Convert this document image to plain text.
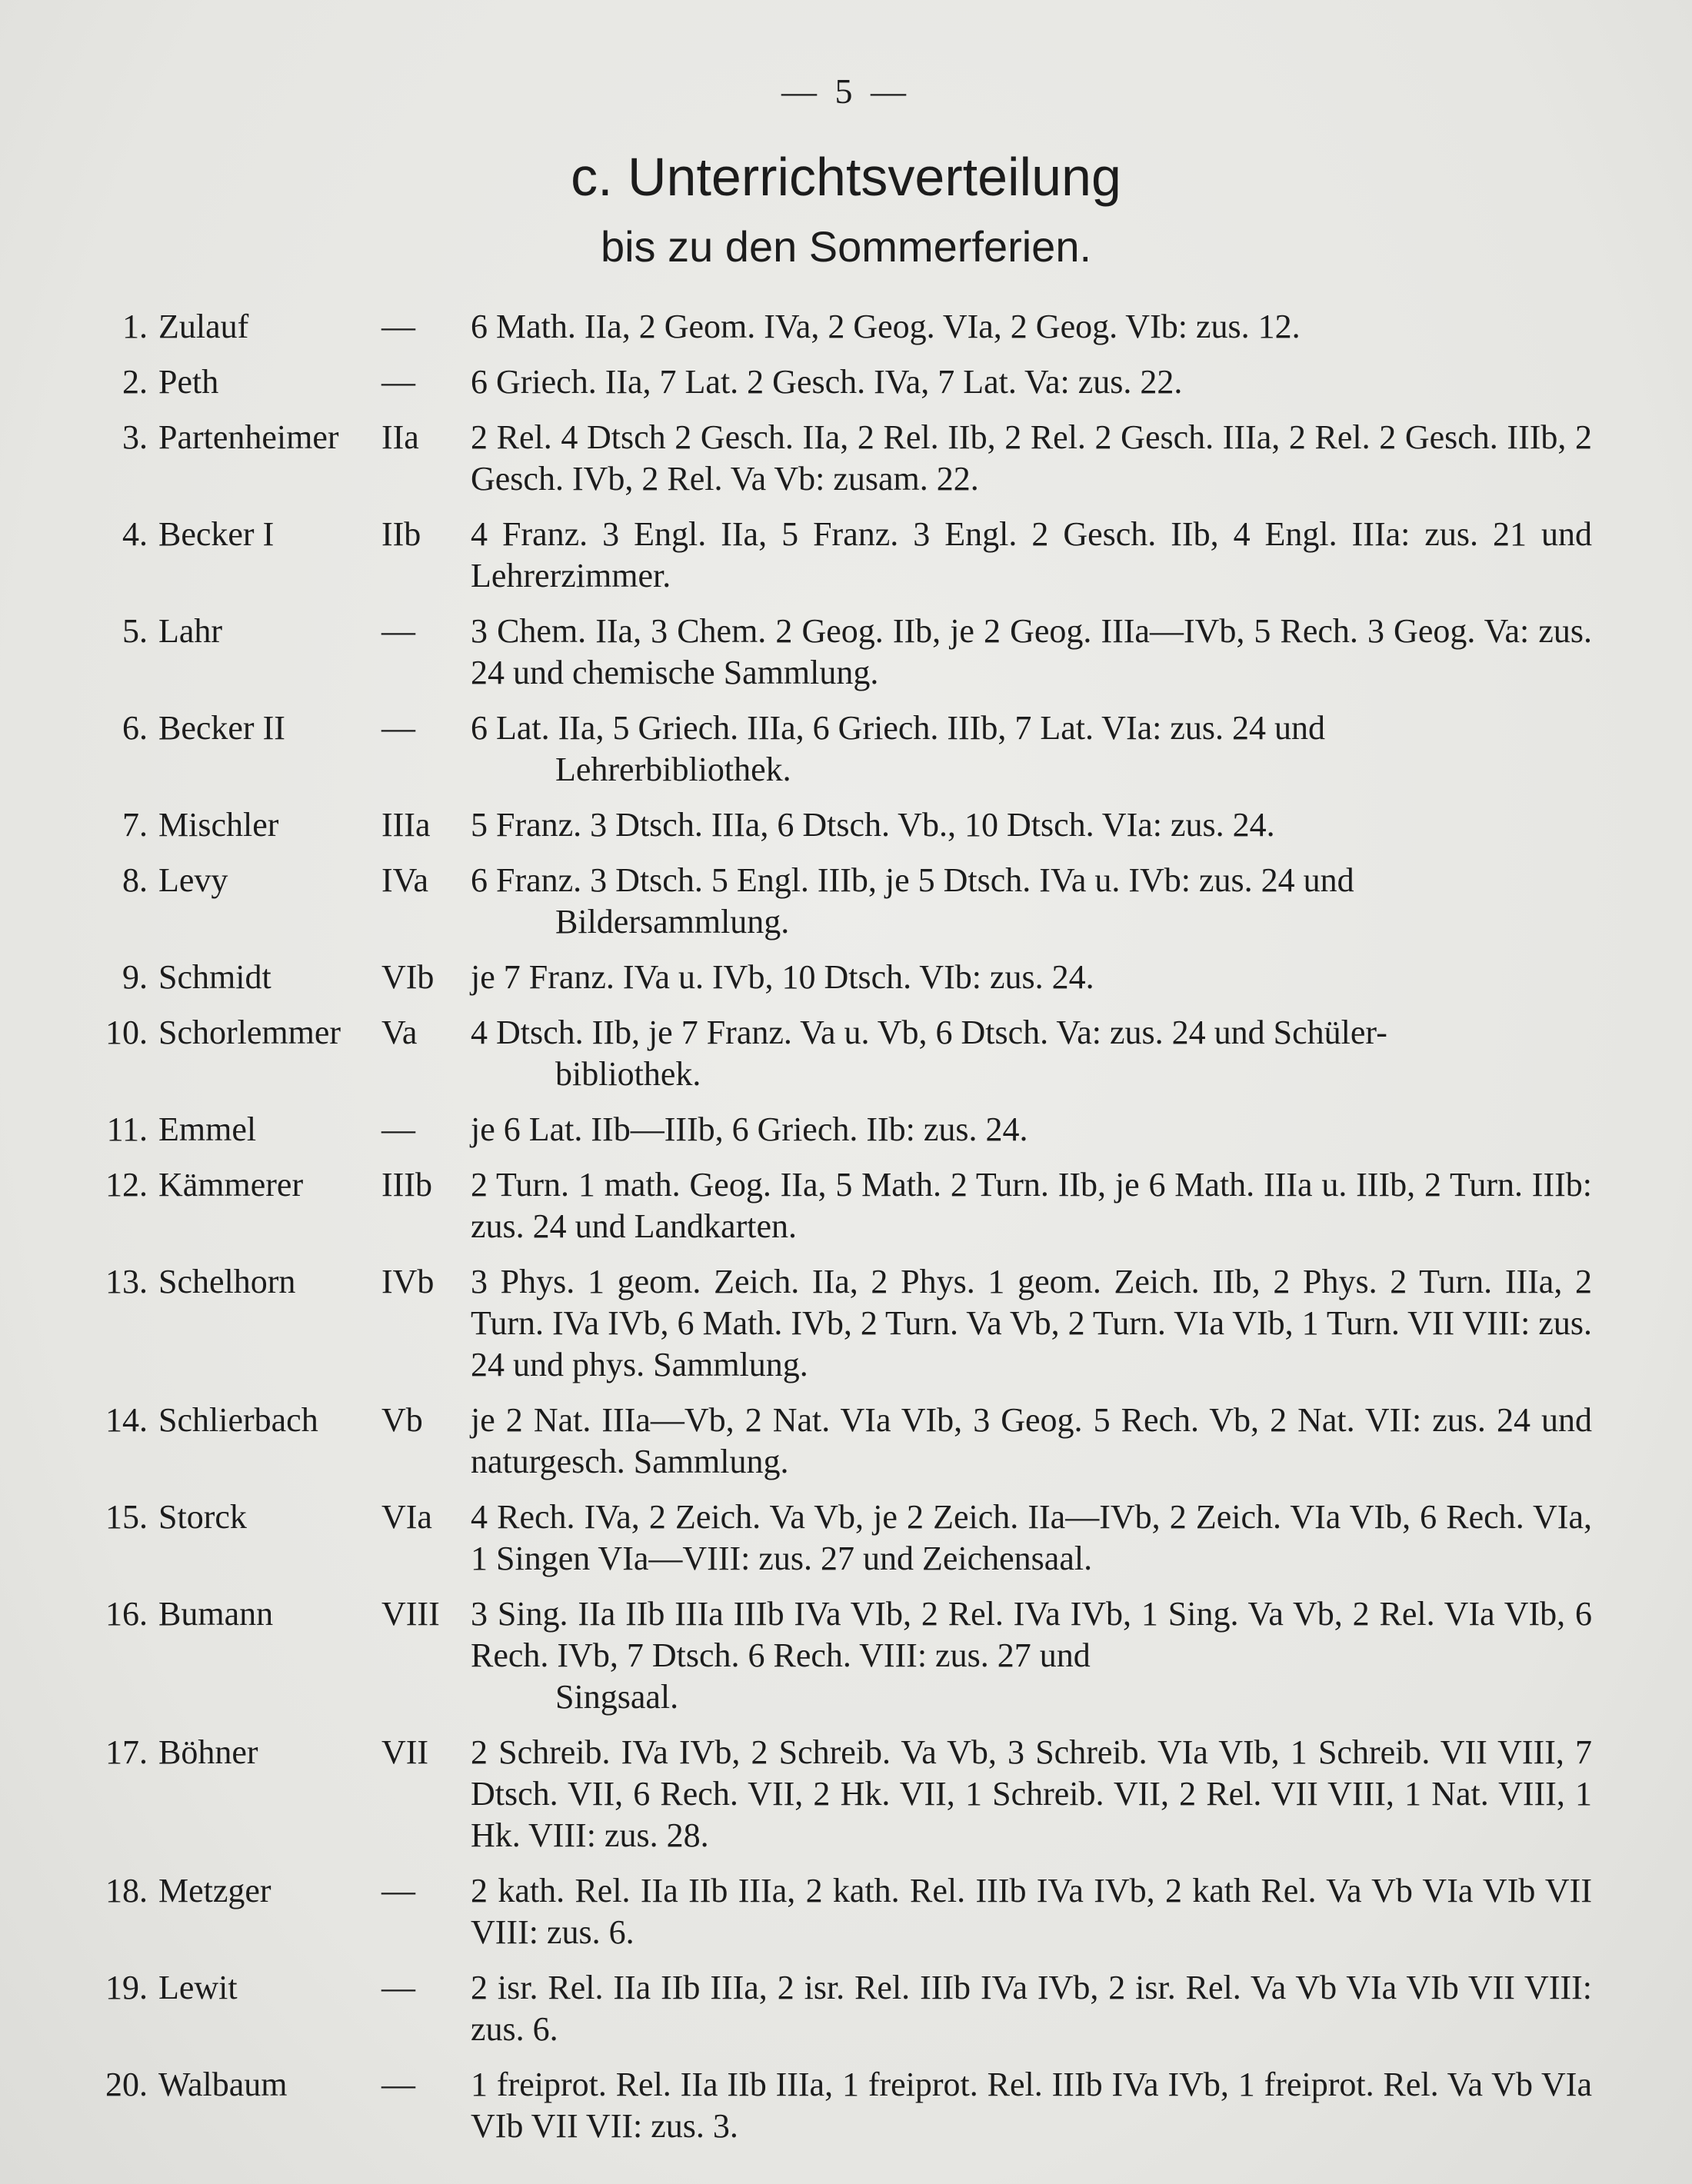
— 5 —
c. Unterrichtsverteilung
bis zu den Sommerferien.
1. Zulauf	—	6 Math. IIa, 2 Geom. IVa, 2 Geog. VIa, 2 Geog. VIb: zus. 12.
2. Peth	—	6 Griech. IIa, 7 Lat. 2 Gesch. IVa, 7 Lat. Va: zus. 22.
3. Partenheimer	IIa	2 Rel. 4 Dtsch 2 Gesch. IIa, 2 Rel. IIb, 2 Rel. 2 Gesch. IIIa, 2 Rel. 2 Gesch. IIIb, 2 Gesch. IVb, 2 Rel. Va Vb: zusam. 22.
4. Becker I	IIb	4 Franz. 3 Engl. IIa, 5 Franz. 3 Engl. 2 Gesch. IIb, 4 Engl. IIIa: zus. 21 und Lehrerzimmer.
5. Lahr	—	3 Chem. IIa, 3 Chem. 2 Geog. IIb, je 2 Geog. IIIa—IVb, 5 Rech. 3 Geog. Va: zus. 24 und chemische Sammlung.
6. Becker II	—	6 Lat. IIa, 5 Griech. IIIa, 6 Griech. IIIb, 7 Lat. VIa: zus. 24 und
Lehrerbibliothek.
7. Mischler	IIIa	5 Franz. 3 Dtsch. IIIa, 6 Dtsch. Vb., 10 Dtsch. VIa: zus. 24.
8. Levy	IVa	6 Franz. 3 Dtsch. 5 Engl. IIIb, je 5 Dtsch. IVa u. IVb: zus. 24 und
Bildersammlung.
9. Schmidt	VIb	je 7 Franz. IVa u. IVb, 10 Dtsch. VIb: zus. 24.
10. Schorlemmer	Va	4 Dtsch. IIb, je 7 Franz. Va u. Vb, 6 Dtsch. Va: zus. 24 und Schüler-
bibliothek.
11. Emmel	—	je 6 Lat. IIb—IIIb, 6 Griech. IIb: zus. 24.
12. Kämmerer	IIIb	2 Turn. 1 math. Geog. IIa, 5 Math. 2 Turn. IIb, je 6 Math. IIIa u. IIIb, 2 Turn. IIIb: zus. 24 und Landkarten.
13. Schelhorn	IVb	3 Phys. 1 geom. Zeich. IIa, 2 Phys. 1 geom. Zeich. IIb, 2 Phys. 2 Turn. IIIa, 2 Turn. IVa IVb, 6 Math. IVb, 2 Turn. Va Vb, 2 Turn. VIa VIb, 1 Turn. VII VIII: zus. 24 und phys. Sammlung.
14. Schlierbach	Vb	je 2 Nat. IIIa—Vb, 2 Nat. VIa VIb, 3 Geog. 5 Rech. Vb, 2 Nat. VII: zus. 24 und naturgesch. Sammlung.
15. Storck	VIa	4 Rech. IVa, 2 Zeich. Va Vb, je 2 Zeich. IIa—IVb, 2 Zeich. VIa VIb, 6 Rech. VIa, 1 Singen VIa—VIII: zus. 27 und Zeichensaal.
16. Bumann	VIII 3 Sing. IIa IIb IIIa IIIb IVa VIb, 2 Rel. IVa IVb, 1 Sing. Va Vb, 2 Rel. VIa VIb, 6 Rech. IVb, 7 Dtsch. 6 Rech. VIII: zus. 27 und
Singsaal.
17. Böhner	VII	2 Schreib. IVa IVb, 2 Schreib. Va Vb, 3 Schreib. VIa VIb, 1 Schreib. VII VIII, 7 Dtsch. VII, 6 Rech. VII, 2 Hk. VII, 1 Schreib. VII, 2 Rel. VII VIII, 1 Nat. VIII, 1 Hk. VIII: zus. 28.
18. Metzger	—	2 kath. Rel. IIa IIb IIIa, 2 kath. Rel. IIIb IVa IVb, 2 kath Rel. Va Vb VIa VIb VII VIII: zus. 6.
19. Lewit	—	2 isr. Rel. IIa IIb IIIa, 2 isr. Rel. IIIb IVa IVb, 2 isr. Rel. Va Vb VIa VIb VII VIII: zus. 6.
20. Walbaum	—	1 freiprot. Rel. IIa IIb IIIa, 1 freiprot. Rel. IIIb IVa IVb, 1 freiprot. Rel. Va Vb VIa VIb VII VII: zus. 3.
